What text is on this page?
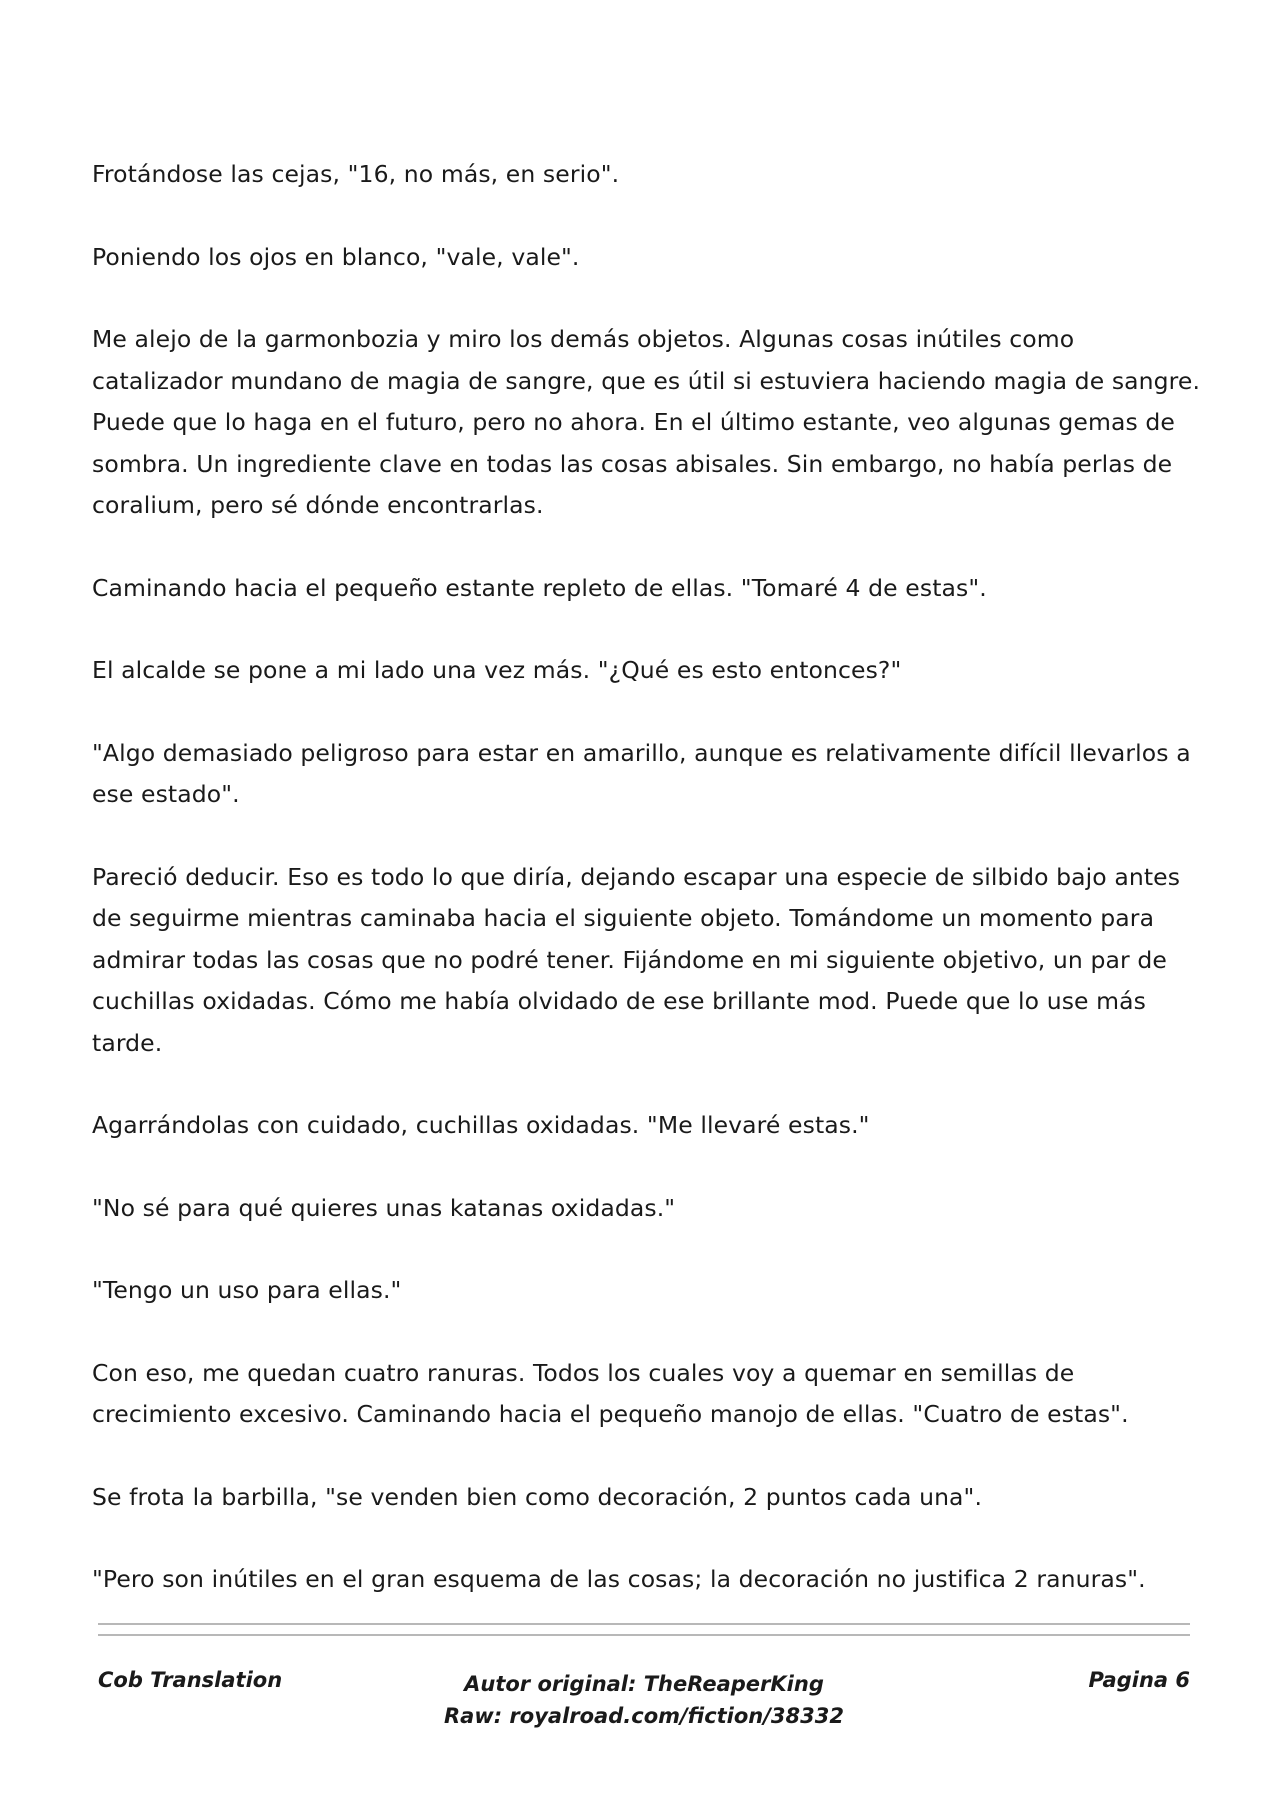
Frotándose las cejas, "16, no más, en serio".

Poniendo los ojos en blanco, "vale, vale".

Me alejo de la garmonbozia y miro los demás objetos. Algunas cosas inútiles como catalizador mundano de magia de sangre, que es útil si estuviera haciendo magia de sangre. Puede que lo haga en el futuro, pero no ahora. En el último estante, veo algunas gemas de sombra. Un ingrediente clave en todas las cosas abisales. Sin embargo, no había perlas de coralium, pero sé dónde encontrarlas.

Caminando hacia el pequeño estante repleto de ellas. "Tomaré 4 de estas".

El alcalde se pone a mi lado una vez más. "¿Qué es esto entonces?"

"Algo demasiado peligroso para estar en amarillo, aunque es relativamente difícil llevarlos a ese estado".

Pareció deducir. Eso es todo lo que diría, dejando escapar una especie de silbido bajo antes de seguirme mientras caminaba hacia el siguiente objeto. Tomándome un momento para admirar todas las cosas que no podré tener. Fijándome en mi siguiente objetivo, un par de cuchillas oxidadas. Cómo me había olvidado de ese brillante mod. Puede que lo use más tarde.

Agarrándolas con cuidado, cuchillas oxidadas. "Me llevaré estas."

"No sé para qué quieres unas katanas oxidadas."

"Tengo un uso para ellas."

Con eso, me quedan cuatro ranuras. Todos los cuales voy a quemar en semillas de crecimiento excesivo. Caminando hacia el pequeño manojo de ellas. "Cuatro de estas".

Se frota la barbilla, "se venden bien como decoración, 2 puntos cada una".

"Pero son inútiles en el gran esquema de las cosas; la decoración no justifica 2 ranuras".

Cob Translation	Autor original: TheReaperKing
Raw: royalroad.com/fiction/38332
Pagina 6
